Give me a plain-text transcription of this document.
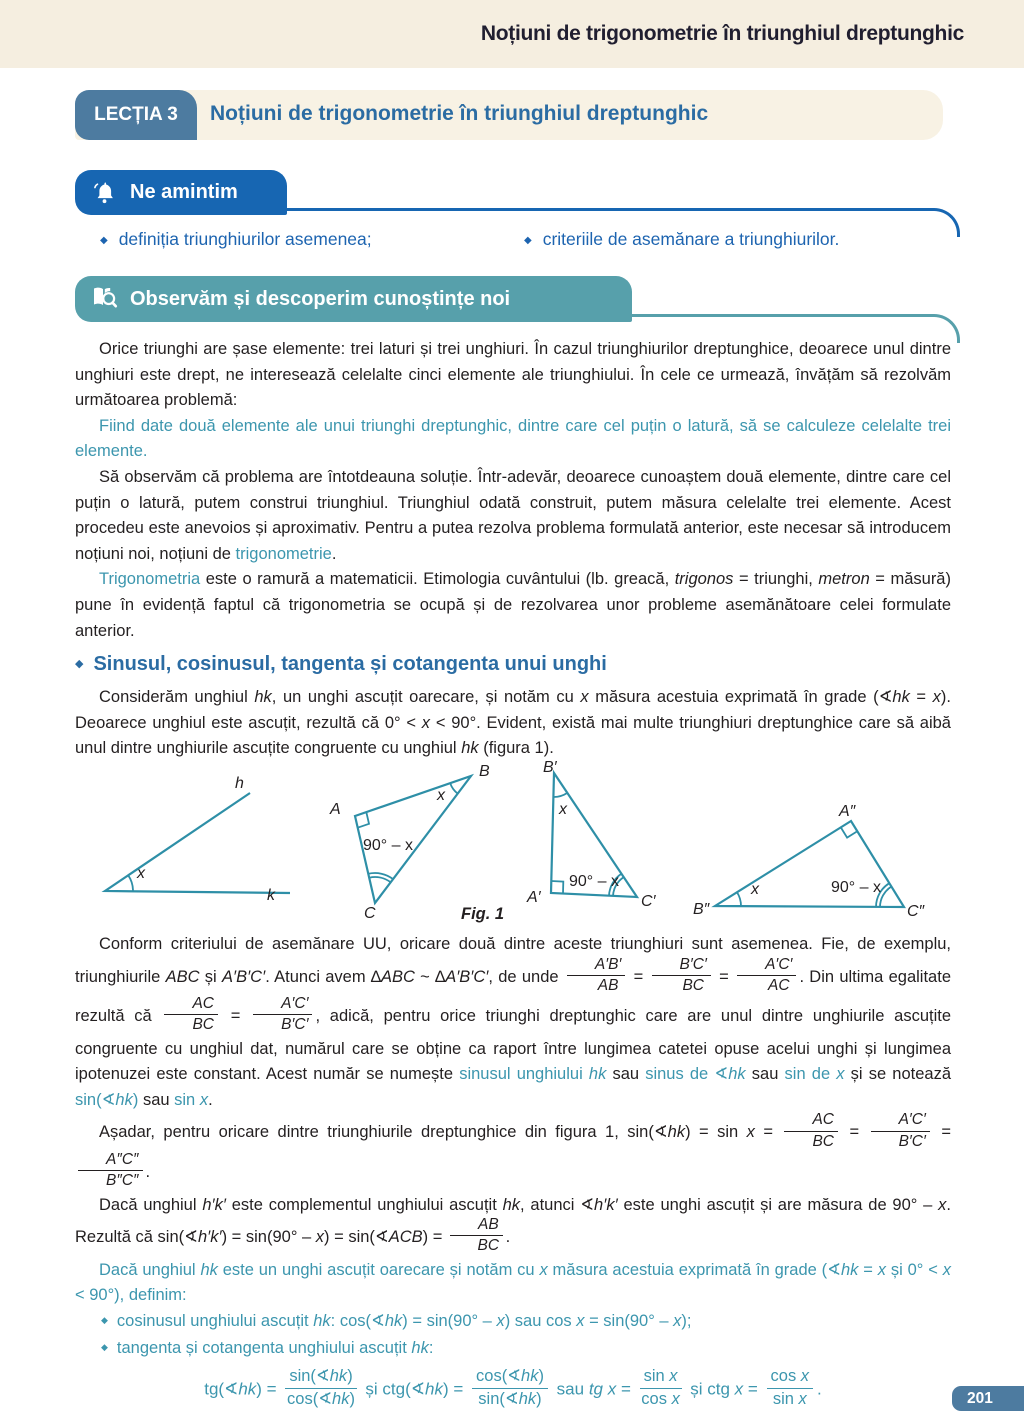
Noțiuni de trigonometrie în triunghiul dreptunghic
Noțiuni de trigonometrie în triunghiul dreptunghic
LECȚIA 3
Ne amintim
◆ definiția triunghiurilor asemenea;	◆ criteriile de asemănare a triunghiurilor.
Observăm și descoperim cunoștințe noi

Orice triunghi are șase elemente: trei laturi și trei unghiuri. În cazul triunghiurilor dreptunghice, deoarece unul dintre unghiuri este drept, ne interesează celelalte cinci elemente ale triunghiului. În cele ce urmează, învățăm să rezolvăm următoarea problemă:

Fiind date două elemente ale unui triunghi dreptunghic, dintre care cel puțin o latură, să se calculeze celelalte trei elemente.

Să observăm că problema are întotdeauna soluție. Într-adevăr, deoarece cunoaștem două elemente, dintre care cel puțin o latură, putem construi triunghiul. Triunghiul odată construit, putem măsura celelalte trei elemente. Acest procedeu este anevoios și aproximativ. Pentru a putea rezolva problema formulată anterior, este necesar să introducem noțiuni noi, noțiuni de trigonometrie.

Trigonometria este o ramură a matematicii. Etimologia cuvântului (lb. greacă, trigonos = triunghi, metron = măsură) pune în evidență faptul că trigonometria se ocupă și de rezolvarea unor probleme asemănătoare celei formulate anterior.

◆ Sinusul, cosinusul, tangenta și cotangenta unui unghi

Considerăm unghiul hk, un unghi ascuțit oarecare, și notăm cu x măsura acestuia exprimată în grade (∢hk = x). Deoarece unghiul este ascuțit, rezultă că 0° < x < 90°. Evident, există mai multe triunghiuri dreptunghice care să aibă unul dintre unghiurile ascuțite congruente cu unghiul hk (figura 1).

h
k
x
A
B
C
x
90° – x
B′
x
A′	C′
90° – x
A″
B″	C″
x	90° – x
Fig. 1

Conform criteriului de asemănare UU, oricare două dintre aceste triunghiuri sunt asemenea. Fie, de exemplu, triunghiurile ABC și A′B′C′. Atunci avem ∆ABC ~ ∆A′B′C′, de unde $\frac{A'B'}{AB} = \frac{B'C'}{BC} = \frac{A'C'}{AC}$ . Din ultima egalitate rezultă că $\frac{AC}{BC} = \frac{A'C'}{B'C'}$ , adică, pentru orice triunghi dreptunghic care are unul dintre unghiurile ascuțite congruente cu unghiul dat, numărul care se obține ca raport între lungimea catetei opuse acelui unghi și lungimea ipotenuzei este constant. Acest număr se numește sinusul unghiului hk sau sinus de ∢hk sau sin de x și se notează sin(∢hk) sau sin x.

Așadar, pentru oricare dintre triunghiurile dreptunghice din figura 1, sin(∢hk) = $\sin x = \frac{AC}{BC} = \frac{A'C'}{B'C'}$ =
$\frac{A''C''}{B''C''}$ .

Dacă unghiul h′k′ este complementul unghiului ascuțit hk, atunci ∢h′k′ este unghi ascuțit și are măsura de 90° – x. Rezultă că sin(∢h′k′) = sin(90° – x) = sin(∢ACB) = $\frac{AB}{BC}$ .

Dacă unghiul hk este un unghi ascuțit oarecare și notăm cu x măsura acestuia exprimată în grade (∢hk = x și 0° < x < 90°), definim:

◆ cosinusul unghiului ascuțit hk: cos(∢hk) = sin(90° – x) sau cos x = sin(90° – x);

◆ tangenta și cotangenta unghiului ascuțit hk:

tg(∢hk) = $\frac{\sin(∢hk)}{\cos(∢hk)}$ și ctg(∢hk) = $\frac{\cos(∢hk)}{\sin(∢hk)}$ sau tg $x = \frac{\text{sin x}}{\text{cos x}}$ și ctg $x = \frac{\text{cos x}}{\text{sin x}}$ .	201
